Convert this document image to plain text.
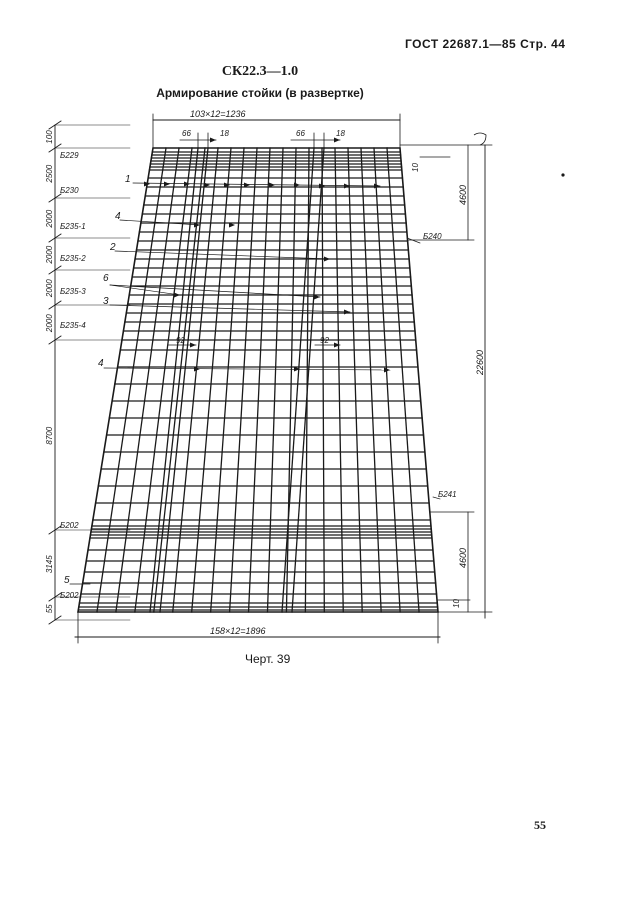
ГОСТ 22687.1—85 Стр. 44
СК22.3—1.0
Армирование стойки (в развертке)
103×12=1236
66	18	66	18
92	92
158×12=1896
22600
4600
4600
10
10
100
2500
2000
2000
2000
2000
8700
3145
55
Б229
Б230
Б235-1
Б235-2
Б235-3
Б235-4
Б202
Б202
Б240
Б241
1
4
2
6
3
4
5
Черт. 39
55
